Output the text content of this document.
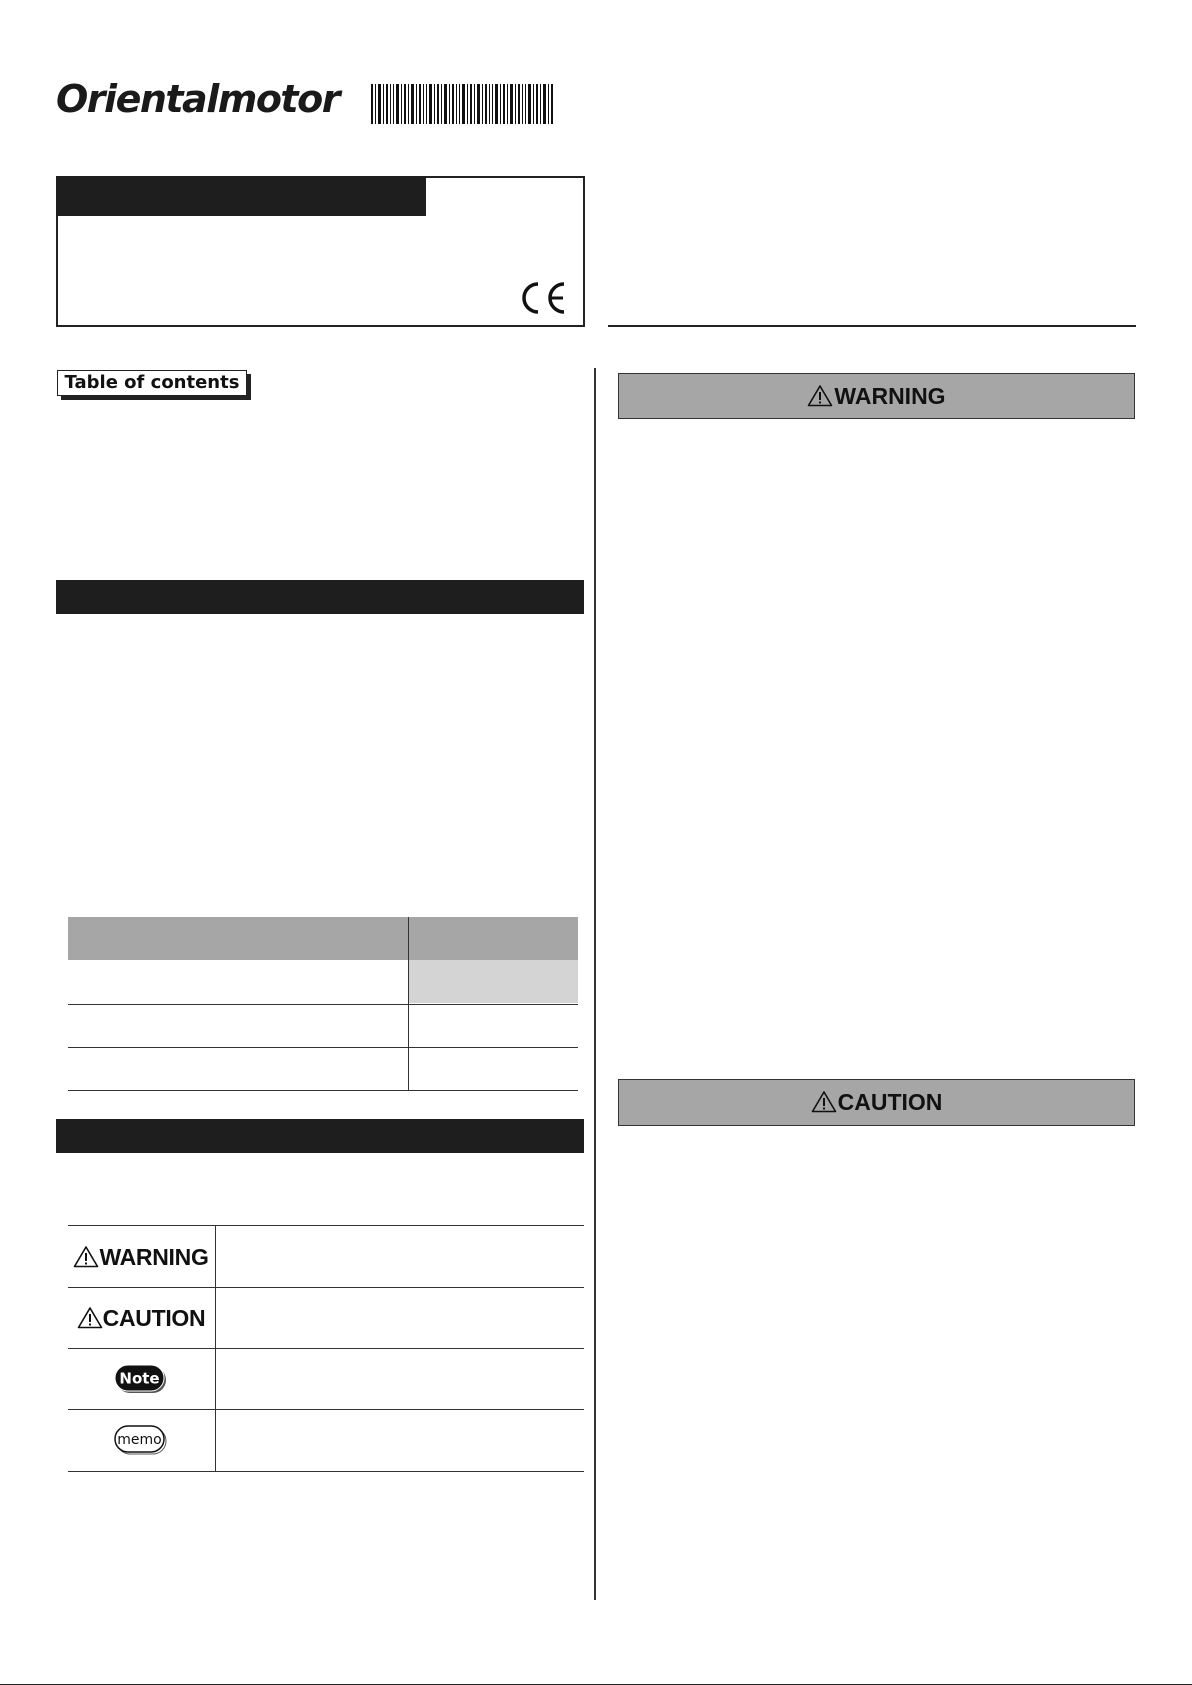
Orientalmotor
Table of contents
WARNING
CAUTION
Note
memo
WARNING
CAUTION
